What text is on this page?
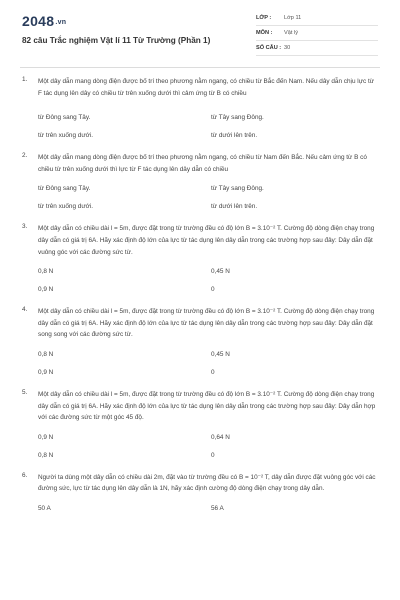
2048.vn
82 câu Trắc nghiệm Vật lí 11 Từ Trường (Phần 1)
LỚP : Lớp 11
MÔN : Vật lý
SỐ CÂU : 30
1. Một dây dẫn mang dòng điện được bố trí theo phương nằm ngang, có chiều từ Bắc đến Nam. Nếu dây dẫn chịu lực từ F tác dụng lên dây có chiều từ trên xuống dưới thì cảm ứng từ B có chiều
từ Đông sang Tây.	từ Tây sang Đông.
từ trên xuống dưới.	từ dưới lên trên.
2. Một dây dẫn mang dòng điện được bố trí theo phương nằm ngang, có chiều từ Nam đến Bắc. Nếu cảm ứng từ B có chiều từ trên xuống dưới thì lực từ F tác dụng lên dây dẫn có chiều
từ Đông sang Tây.	từ Tây sang Đông.
từ trên xuống dưới.	từ dưới lên trên.
3. Một dây dẫn có chiều dài l = 5m, được đặt trong từ trường đều có độ lớn B = 3.10⁻² T. Cường độ dòng điện chạy trong dây dẫn có giá trị 6A. Hãy xác định độ lớn của lực từ tác dụng lên dây dẫn trong các trường hợp sau đây: Dây dẫn đặt vuông góc với các đường sức từ.
0,8 N	0,45 N
0,9 N	0
4. Một dây dẫn có chiều dài l = 5m, được đặt trong từ trường đều có độ lớn B = 3.10⁻² T. Cường độ dòng điện chạy trong dây dẫn có giá trị 6A. Hãy xác định độ lớn của lực từ tác dụng lên dây dẫn trong các trường hợp sau đây: Dây dẫn đặt song song với các đường sức từ.
0,8 N	0,45 N
0,9 N	0
5. Một dây dẫn có chiều dài l = 5m, được đặt trong từ trường đều có độ lớn B = 3.10⁻² T. Cường độ dòng điện chạy trong dây dẫn có giá trị 6A. Hãy xác định độ lớn của lực từ tác dụng lên dây dẫn trong các trường hợp sau đây: Dây dẫn hợp với các đường sức từ một góc 45 độ.
0,9 N	0,64 N
0,8 N	0
6. Người ta dùng một dây dẫn có chiều dài 2m, đặt vào từ trường đều có B = 10⁻² T, dây dẫn được đặt vuông góc với các đường sức, lực từ tác dụng lên dây dẫn là 1N, hãy xác định cường độ dòng điện chạy trong dây dẫn.
50 A	56 A
